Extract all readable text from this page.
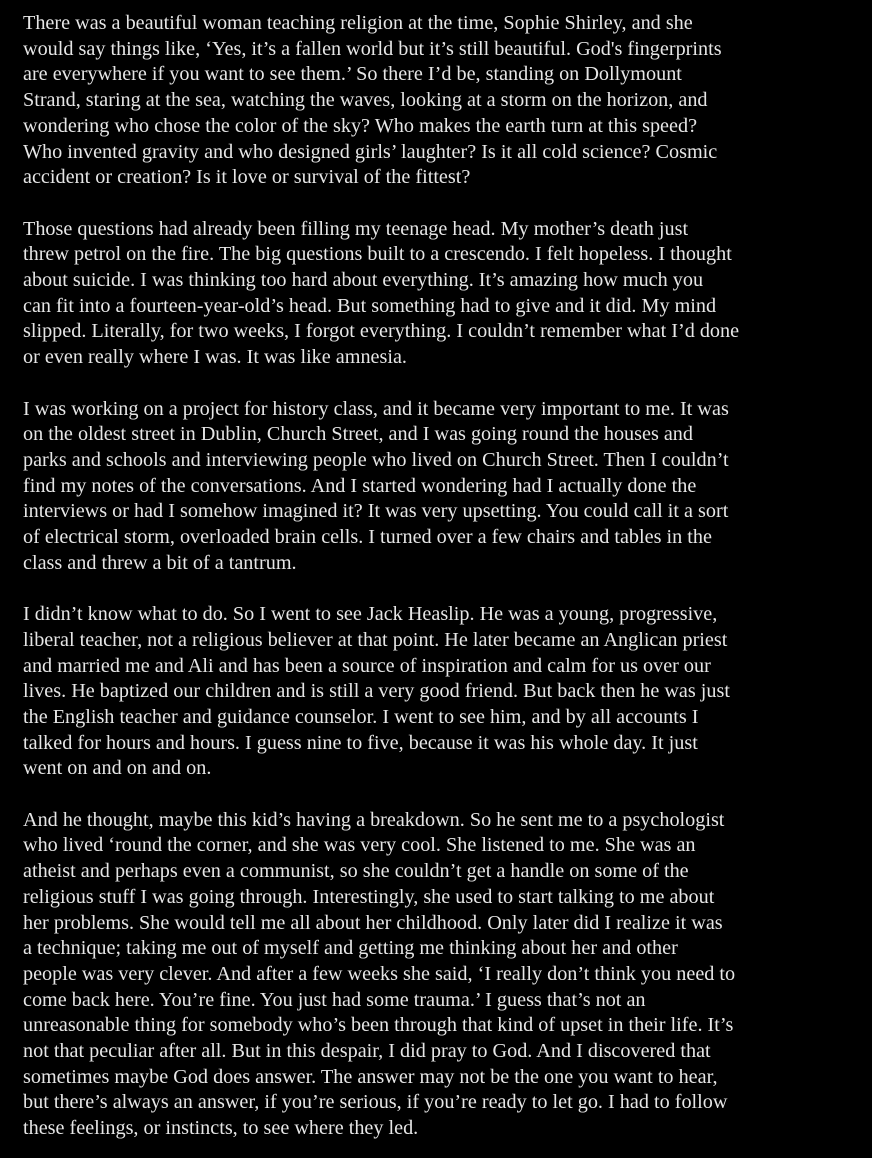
There was a beautiful woman teaching religion at the time, Sophie Shirley, and she
would say things like, ‘Yes, it’s a fallen world but it’s still beautiful. God's fingerprints
are everywhere if you want to see them.’ So there I’d be, standing on Dollymount
Strand, staring at the sea, watching the waves, looking at a storm on the horizon, and
wondering who chose the color of the sky? Who makes the earth turn at this speed?
Who invented gravity and who designed girls’ laughter? Is it all cold science? Cosmic
accident or creation? Is it love or survival of the fittest?

Those questions had already been filling my teenage head. My mother’s death just
threw petrol on the fire. The big questions built to a crescendo. I felt hopeless. I thought
about suicide. I was thinking too hard about everything. It’s amazing how much you
can fit into a fourteen-year-old’s head. But something had to give and it did. My mind
slipped. Literally, for two weeks, I forgot everything. I couldn’t remember what I’d done
or even really where I was. It was like amnesia.

I was working on a project for history class, and it became very important to me. It was
on the oldest street in Dublin, Church Street, and I was going round the houses and
parks and schools and interviewing people who lived on Church Street. Then I couldn’t
find my notes of the conversations. And I started wondering had I actually done the
interviews or had I somehow imagined it? It was very upsetting. You could call it a sort
of electrical storm, overloaded brain cells. I turned over a few chairs and tables in the
class and threw a bit of a tantrum.

I didn’t know what to do. So I went to see Jack Heaslip. He was a young, progressive,
liberal teacher, not a religious believer at that point. He later became an Anglican priest
and married me and Ali and has been a source of inspiration and calm for us over our
lives. He baptized our children and is still a very good friend. But back then he was just
the English teacher and guidance counselor. I went to see him, and by all accounts I
talked for hours and hours. I guess nine to five, because it was his whole day. It just
went on and on and on.

And he thought, maybe this kid’s having a breakdown. So he sent me to a psychologist
who lived ‘round the corner, and she was very cool. She listened to me. She was an
atheist and perhaps even a communist, so she couldn’t get a handle on some of the
religious stuff I was going through. Interestingly, she used to start talking to me about
her problems. She would tell me all about her childhood. Only later did I realize it was
a technique; taking me out of myself and getting me thinking about her and other
people was very clever. And after a few weeks she said, ‘I really don’t think you need to
come back here. You’re fine. You just had some trauma.’ I guess that’s not an
unreasonable thing for somebody who’s been through that kind of upset in their life. It’s
not that peculiar after all. But in this despair, I did pray to God. And I discovered that
sometimes maybe God does answer. The answer may not be the one you want to hear,
but there’s always an answer, if you’re serious, if you’re ready to let go. I had to follow
these feelings, or instincts, to see where they led.
